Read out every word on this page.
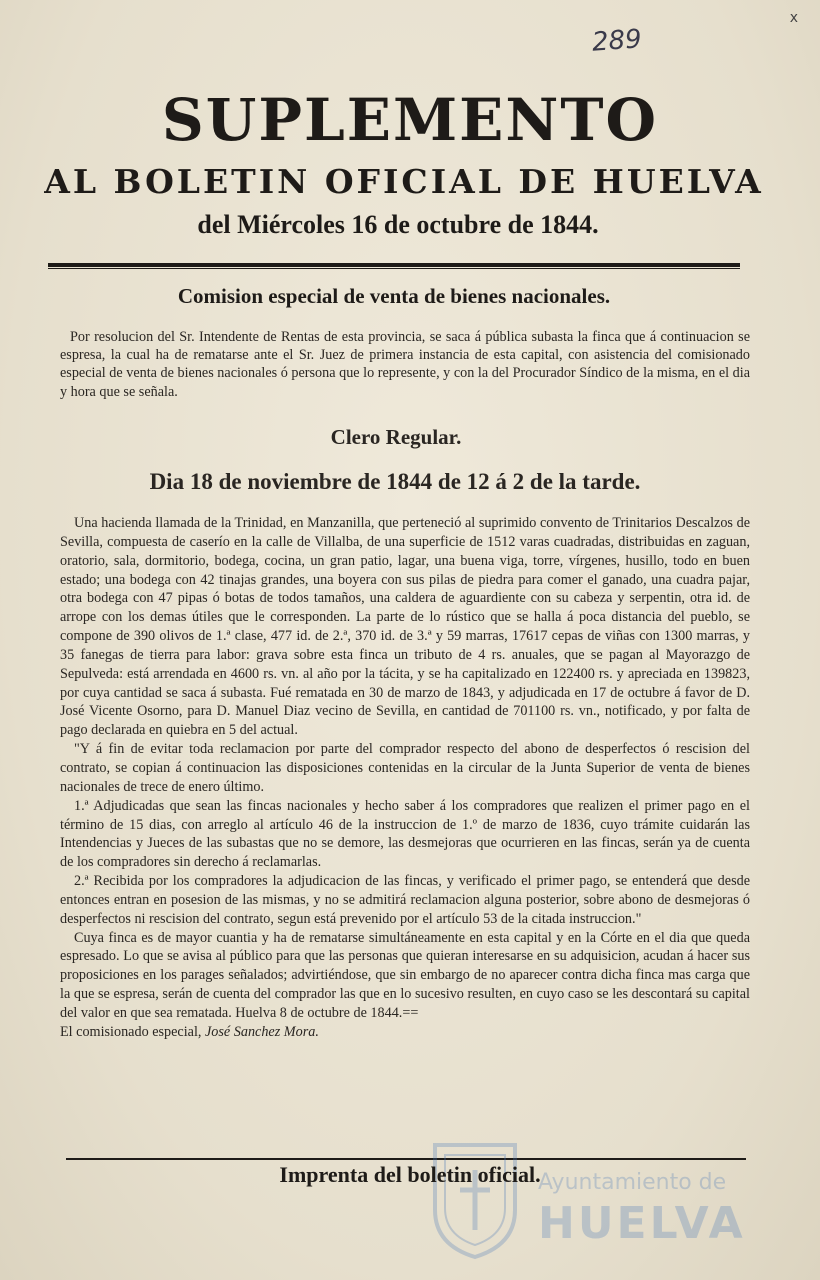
289
x
SUPLEMENTO
AL BOLETIN OFICIAL DE HUELVA
del Miércoles 16 de octubre de 1844.
Comision especial de venta de bienes nacionales.
Por resolucion del Sr. Intendente de Rentas de esta provincia, se saca á pública subasta la finca que á continuacion se espresa, la cual ha de rematarse ante el Sr. Juez de primera instancia de esta capital, con asistencia del comisionado especial de venta de bienes nacionales ó persona que lo represente, y con la del Procurador Síndico de la misma, en el dia y hora que se señala.
Clero Regular.
Dia 18 de noviembre de 1844 de 12 á 2 de la tarde.

Una hacienda llamada de la Trinidad, en Manzanilla, que perteneció al suprimido convento de Trinitarios Descalzos de Sevilla, compuesta de caserío en la calle de Villalba, de una superficie de 1512 varas cuadradas, distribuidas en zaguan, oratorio, sala, dormitorio, bodega, cocina, un gran patio, lagar, una buena viga, torre, vírgenes, husillo, todo en buen estado; una bodega con 42 tinajas grandes, una boyera con sus pilas de piedra para comer el ganado, una cuadra pajar, otra bodega con 47 pipas ó botas de todos tamaños, una caldera de aguardiente con su cabeza y serpentin, otra id. de arrope con los demas útiles que le corresponden. La parte de lo rústico que se halla á poca distancia del pueblo, se compone de 390 olivos de 1.ª clase, 477 id. de 2.ª, 370 id. de 3.ª y 59 marras, 17617 cepas de viñas con 1300 marras, y 35 fanegas de tierra para labor: grava sobre esta finca un tributo de 4 rs. anuales, que se pagan al Mayorazgo de Sepulveda: está arrendada en 4600 rs. vn. al año por la tácita, y se ha capitalizado en 122400 rs. y apreciada en 139823, por cuya cantidad se saca á subasta. Fué rematada en 30 de marzo de 1843, y adjudicada en 17 de octubre á favor de D. José Vicente Osorno, para D. Manuel Diaz vecino de Sevilla, en cantidad de 701100 rs. vn., notificado, y por falta de pago declarada en quiebra en 5 del actual.

"Y á fin de evitar toda reclamacion por parte del comprador respecto del abono de desperfectos ó rescision del contrato, se copian á continuacion las disposiciones contenidas en la circular de la Junta Superior de venta de bienes nacionales de trece de enero último.

1.ª Adjudicadas que sean las fincas nacionales y hecho saber á los compradores que realizen el primer pago en el término de 15 dias, con arreglo al artículo 46 de la instruccion de 1.º de marzo de 1836, cuyo trámite cuidarán las Intendencias y Jueces de las subastas que no se demore, las desmejoras que ocurrieren en las fincas, serán ya de cuenta de los compradores sin derecho á reclamarlas.

2.ª Recibida por los compradores la adjudicacion de las fincas, y verificado el primer pago, se entenderá que desde entonces entran en posesion de las mismas, y no se admitirá reclamacion alguna posterior, sobre abono de desmejoras ó desperfectos ni rescision del contrato, segun está prevenido por el artículo 53 de la citada instruccion."

Cuya finca es de mayor cuantia y ha de rematarse simultáneamente en esta capital y en la Córte en el dia que queda espresado. Lo que se avisa al público para que las personas que quieran interesarse en su adquisicion, acudan á hacer sus proposiciones en los parages señalados; advirtiéndose, que sin embargo de no aparecer contra dicha finca mas carga que la que se espresa, serán de cuenta del comprador las que en lo sucesivo resulten, en cuyo caso se les descontará su capital del valor en que sea rematada. Huelva 8 de octubre de 1844.==

El comisionado especial, José Sanchez Mora.

Ayuntamiento de
HUELVA
Imprenta del boletin oficial.
